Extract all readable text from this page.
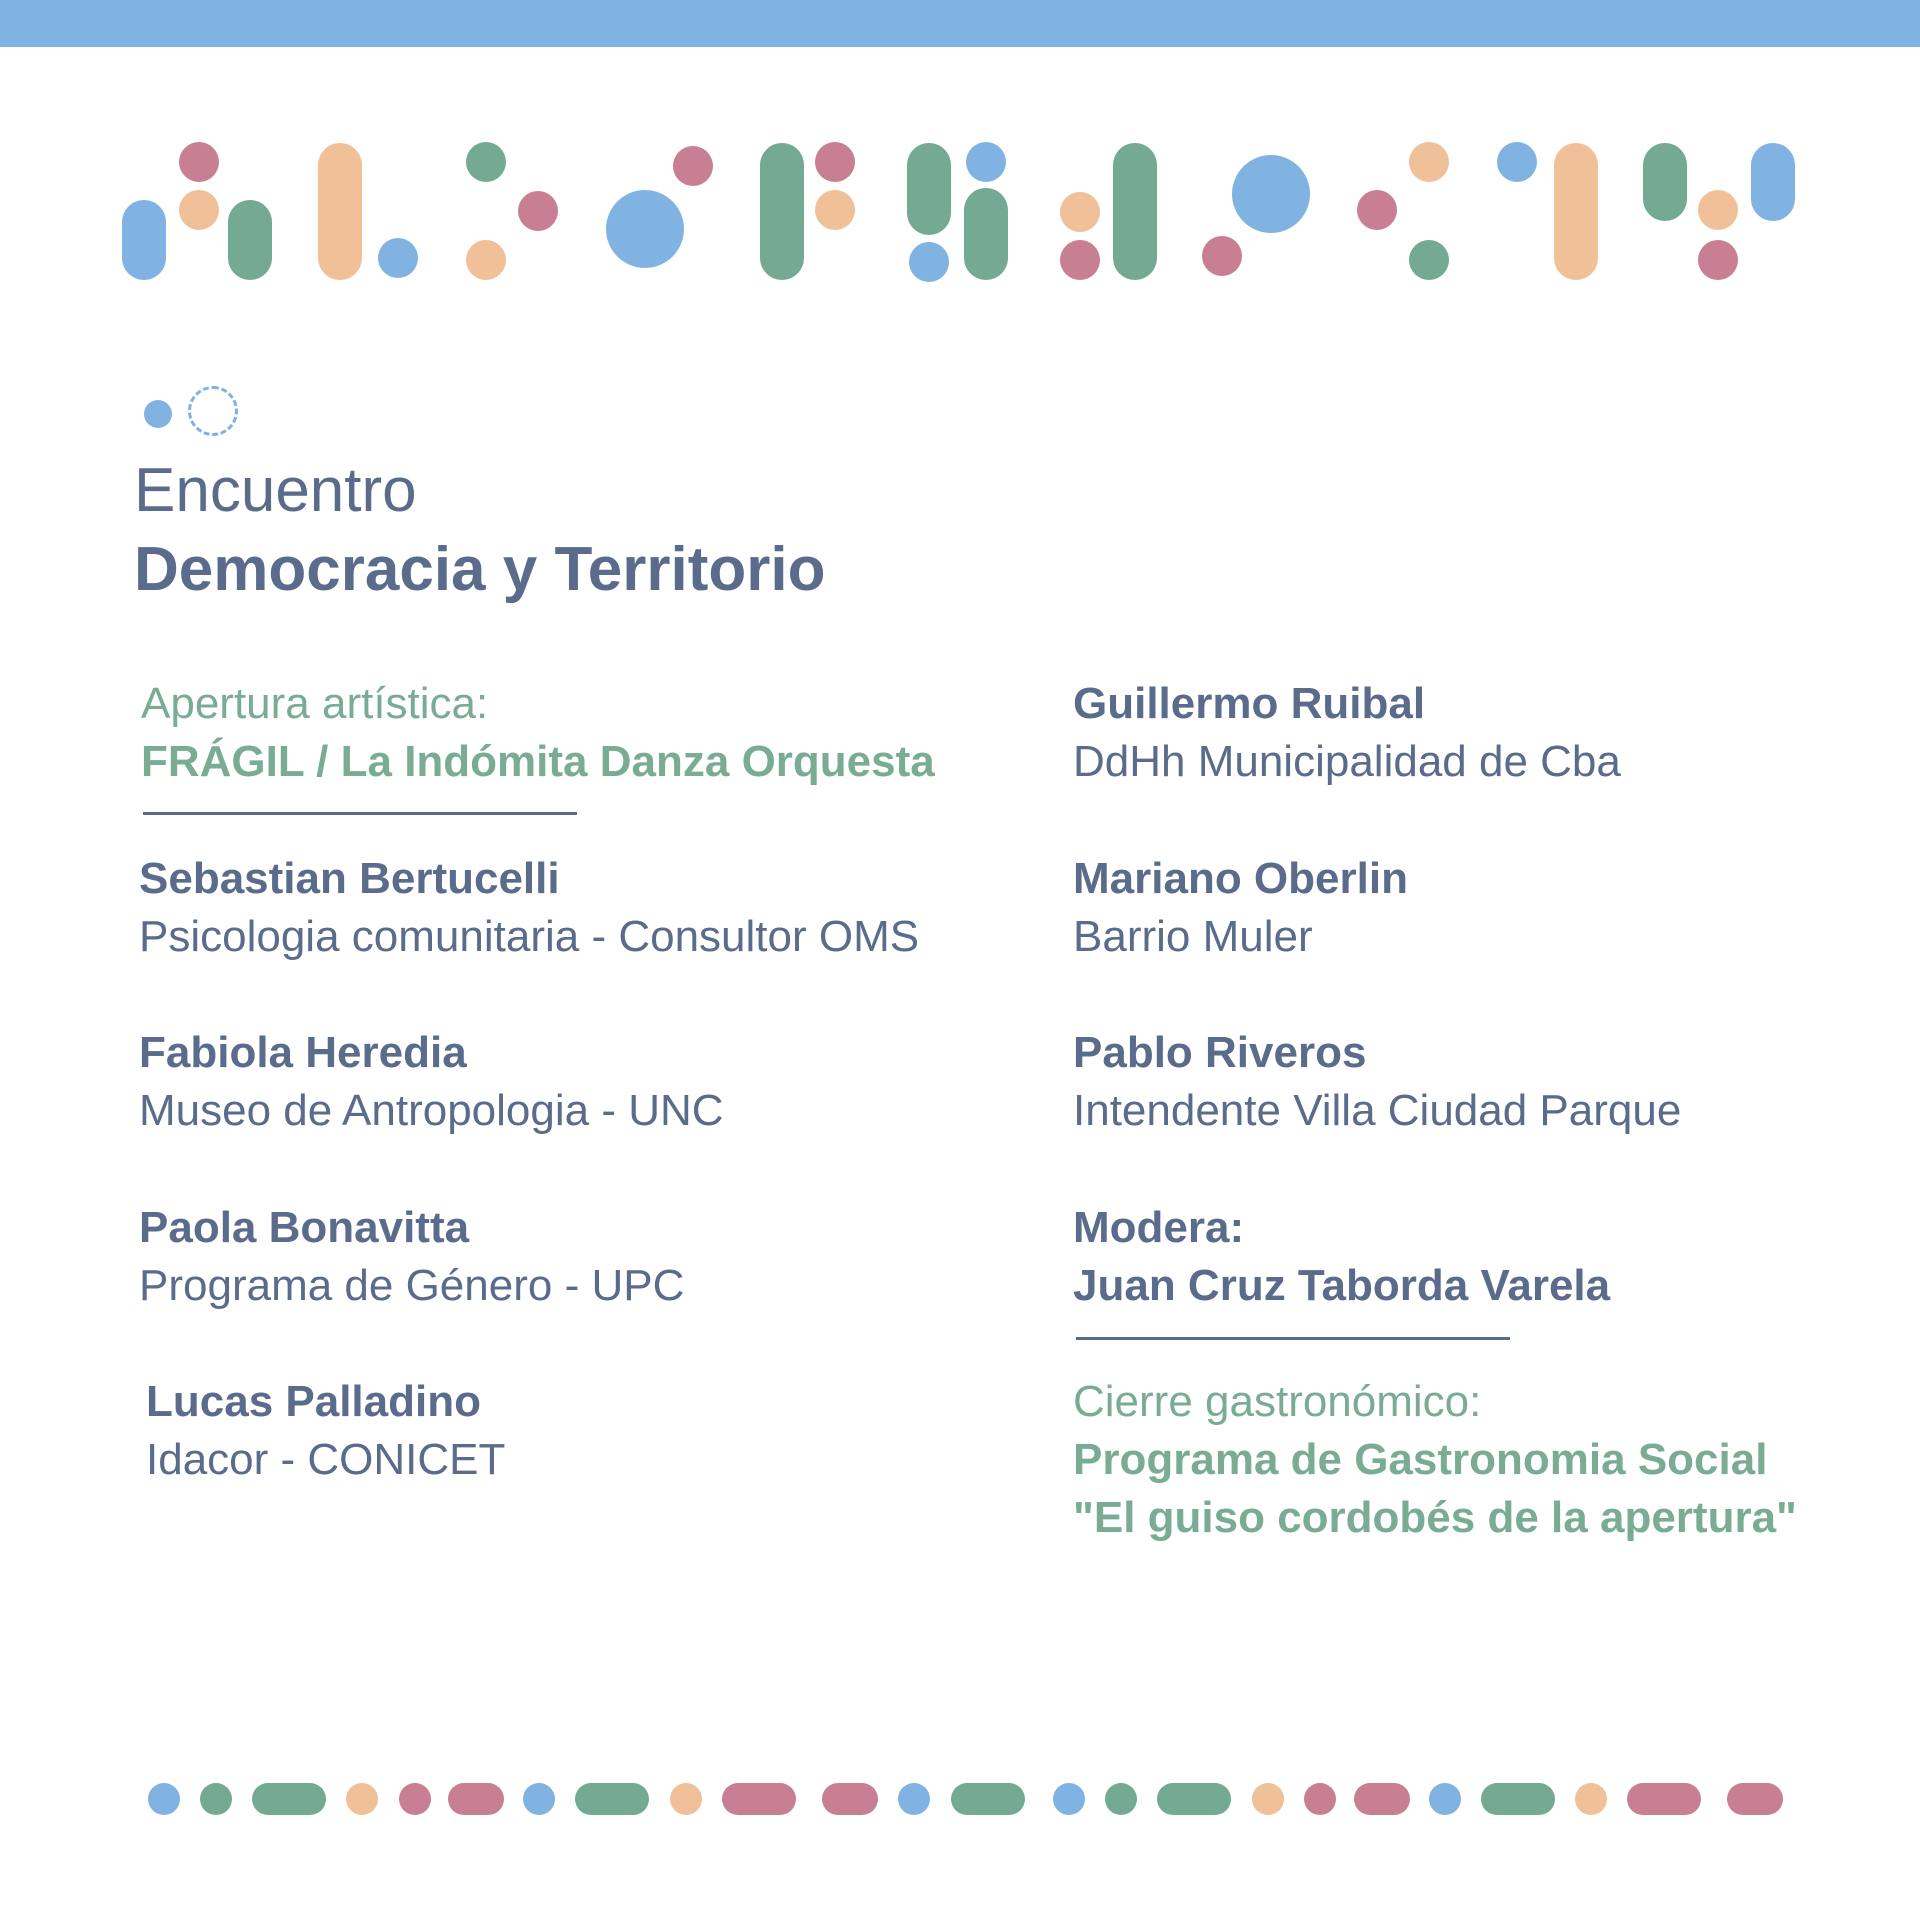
Encuentro
Democracia y Territorio
Apertura artística:
FRÁGIL / La Indómita Danza Orquesta
Sebastian Bertucelli
Psicologia comunitaria - Consultor OMS
Fabiola Heredia
Museo de Antropologia - UNC
Paola Bonavitta
Programa de Género - UPC
Lucas Palladino
Idacor - CONICET
Guillermo Ruibal
DdHh Municipalidad de Cba
Mariano Oberlin
Barrio Muler
Pablo Riveros
Intendente Villa Ciudad Parque
Modera:
Juan Cruz Taborda Varela
Cierre gastronómico:
Programa de Gastronomia Social
"El guiso cordobés de la apertura"
